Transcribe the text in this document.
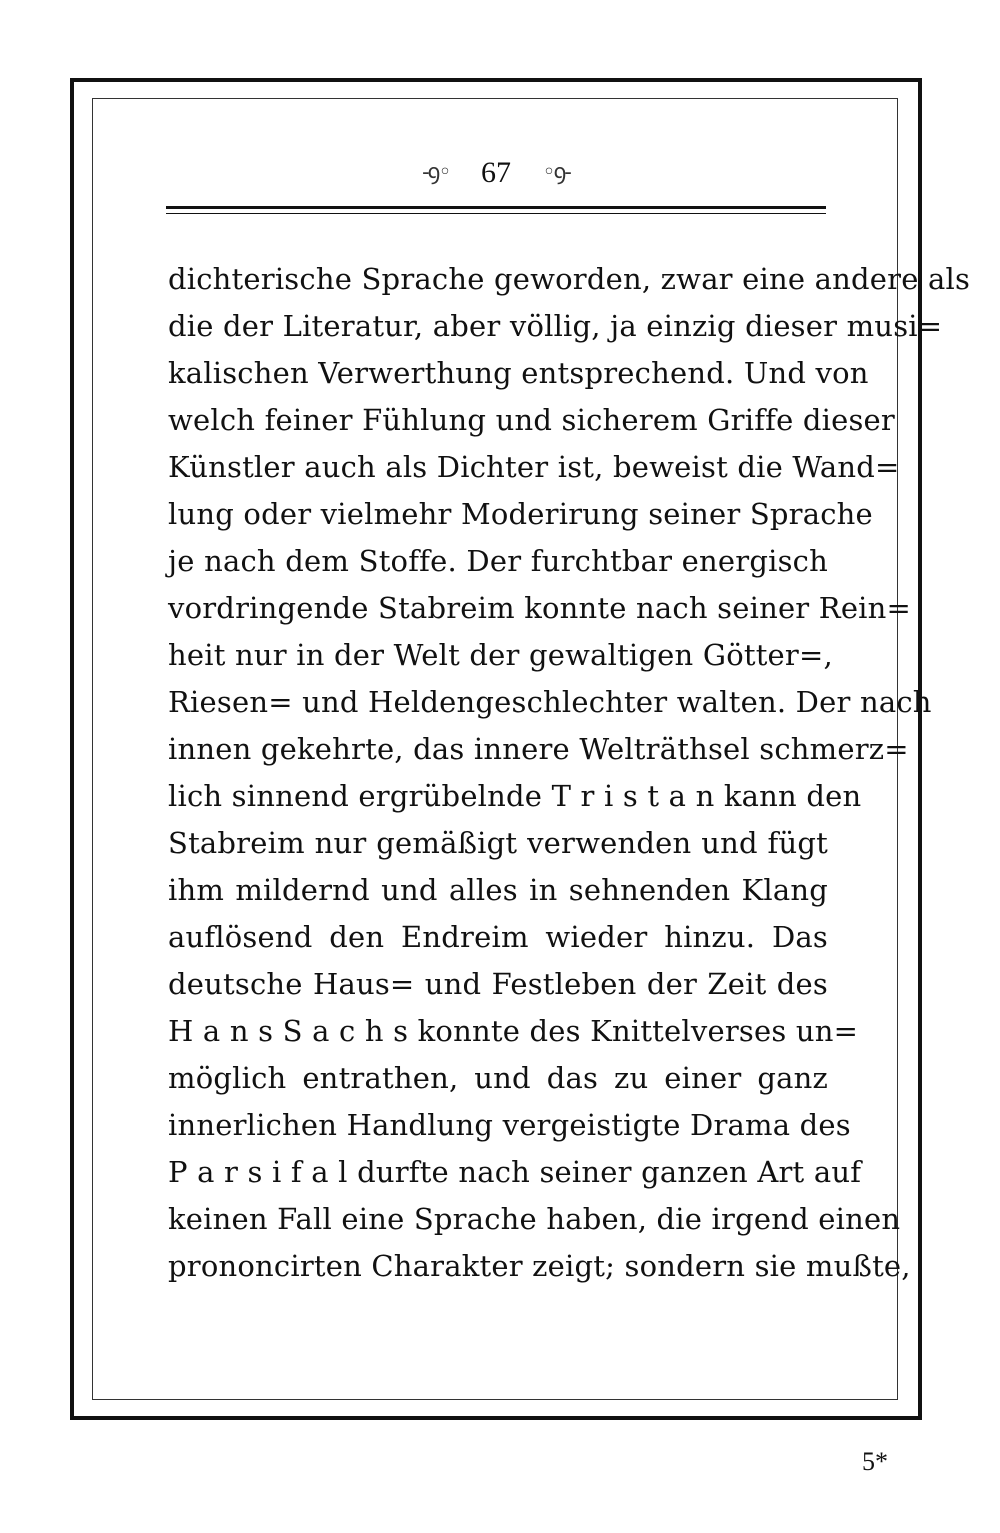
-ꝯ◦ 67 ◦ꝯ-
dichterische Sprache geworden, zwar eine andere als
die der Literatur, aber völlig, ja einzig dieser musi=
kalischen Verwerthung entsprechend. Und von
welch feiner Fühlung und sicherem Griffe dieser
Künstler auch als Dichter ist, beweist die Wand=
lung oder vielmehr Moderirung seiner Sprache
je nach dem Stoffe. Der furchtbar energisch
vordringende Stabreim konnte nach seiner Rein=
heit nur in der Welt der gewaltigen Götter=,
Riesen= und Heldengeschlechter walten. Der nach
innen gekehrte, das innere Welträthsel schmerz=
lich sinnend ergrübelnde T r i s t a n kann den
Stabreim nur gemäßigt verwenden und fügt
ihm mildernd und alles in sehnenden Klang
auflösend den Endreim wieder hinzu. Das
deutsche Haus= und Festleben der Zeit des
H a n s S a c h s konnte des Knittelverses un=
möglich entrathen, und das zu einer ganz
innerlichen Handlung vergeistigte Drama des
P a r s i f a l durfte nach seiner ganzen Art auf
keinen Fall eine Sprache haben, die irgend einen
prononcirten Charakter zeigt; sondern sie mußte,
5*
